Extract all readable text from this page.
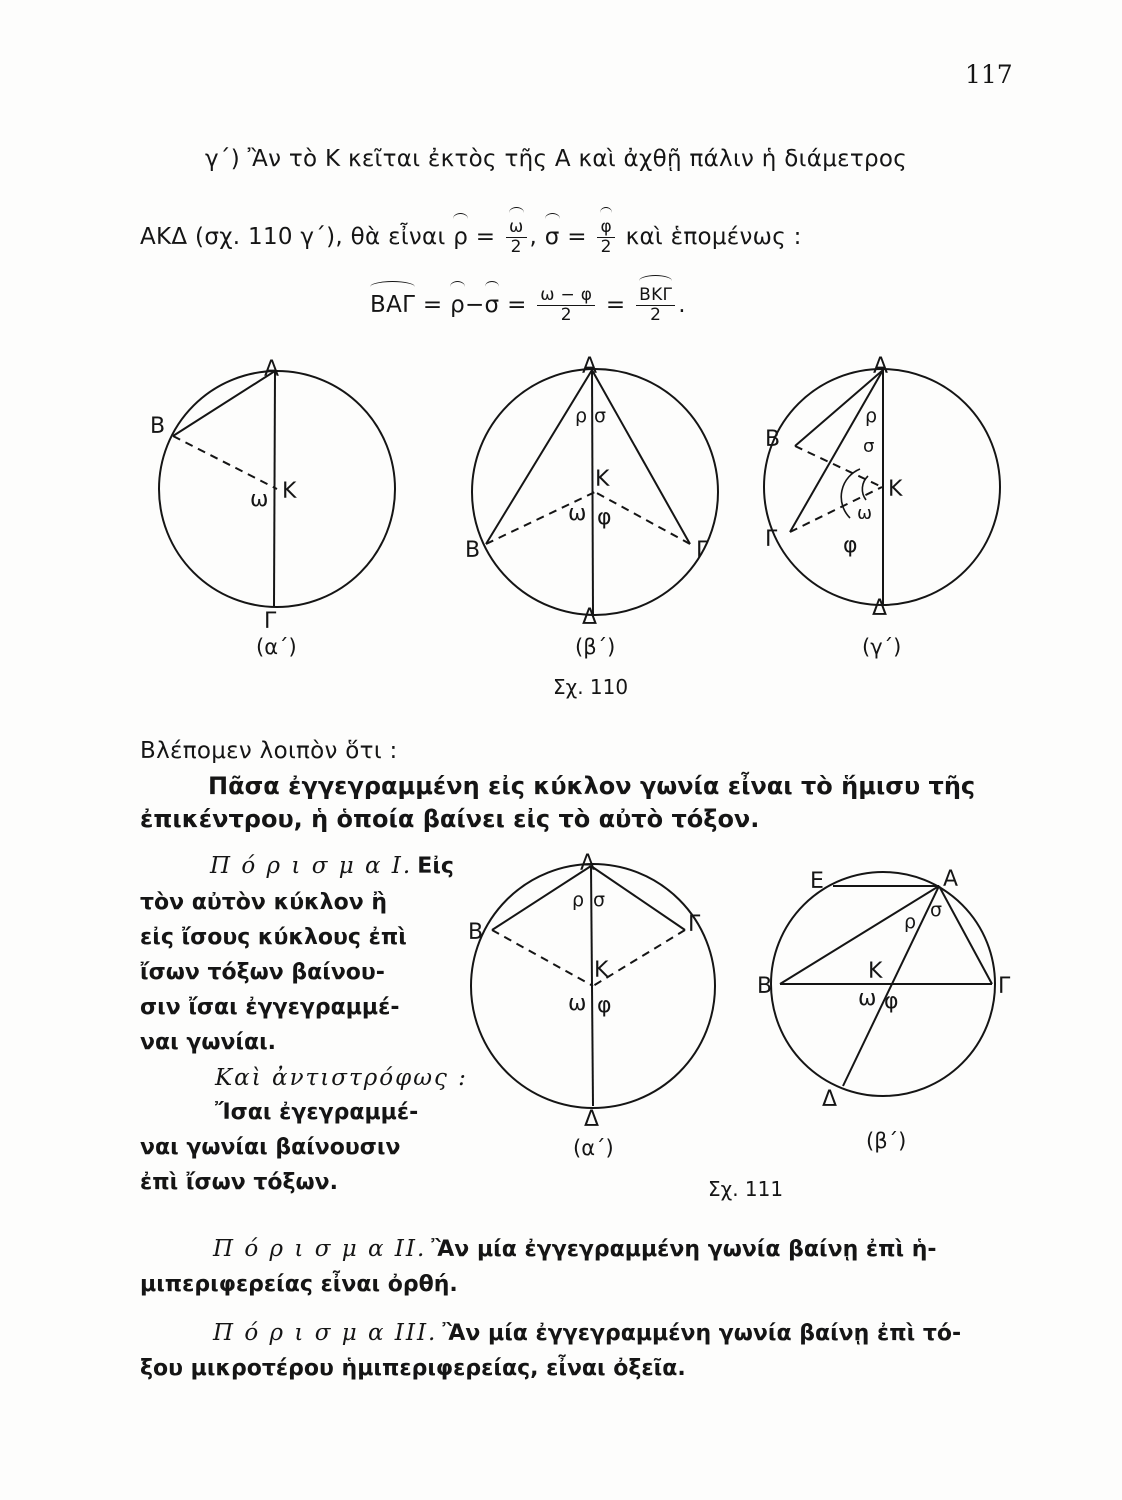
117
γ΄) Ἂν τὸ Κ κεῖται ἐκτὸς τῆς Α καὶ ἀχθῇ πάλιν ἡ διάμετρος
ΑΚΔ (σχ. 110 γ΄), θὰ εἶναι $\rho = \frac{\omega}{2}$ , $\sigma = \frac{\varphi}{2}$ καὶ ἑπομένως :
$BA\Gamma = \rho-\sigma = \frac{\omega - \varphi}{2} = \frac{\text{ΒΚΓ}}{2}$ .
Α
Β
Κ
ω
Γ
(α΄)
Α
ρ σ
Κ
ω φ
Β	Γ
Δ
(β΄)
Α
ρ
σ
Β
Κ
ω
φ
Γ
Δ
(γ΄)
Σχ. 110
Α
ρ σ
Β	Γ
Κ
ω φ
Δ
(α΄)
Ε	Α
ρ
σ
Β
Κ
ω φ
Γ
Δ
(β΄)
Σχ. 111
Βλέπομεν λοιπὸν ὅτι :
Πᾶσα ἐγγεγραμμένη εἰς κύκλον γωνία εἶναι τὸ ἥμισυ τῆς
ἐπικέντρου, ἡ ὁποία βαίνει εἰς τὸ αὐτὸ τόξον.
Π ό ρ ι σ μ α Ι. Εἰς
τὸν αὐτὸν κύκλον ἢ
εἰς ἴσους κύκλους ἐπὶ
ἴσων τόξων βαίνου-
σιν ἴσαι ἐγγεγραμμέ-
ναι γωνίαι.
Καὶ ἀντιστρόφως :
Ἴσαι ἐγεγραμμέ-
ναι γωνίαι βαίνουσιν
ἐπὶ ἴσων τόξων.
Π ό ρ ι σ μ α ΙΙ. Ἂν μία ἐγγεγραμμένη γωνία βαίνῃ ἐπὶ ἡ-
μιπεριφερείας εἶναι ὀρθή.
Π ό ρ ι σ μ α ΙΙΙ. Ἂν μία ἐγγεγραμμένη γωνία βαίνῃ ἐπὶ τό-
ξου μικροτέρου ἡμιπεριφερείας, εἶναι ὀξεῖα.
